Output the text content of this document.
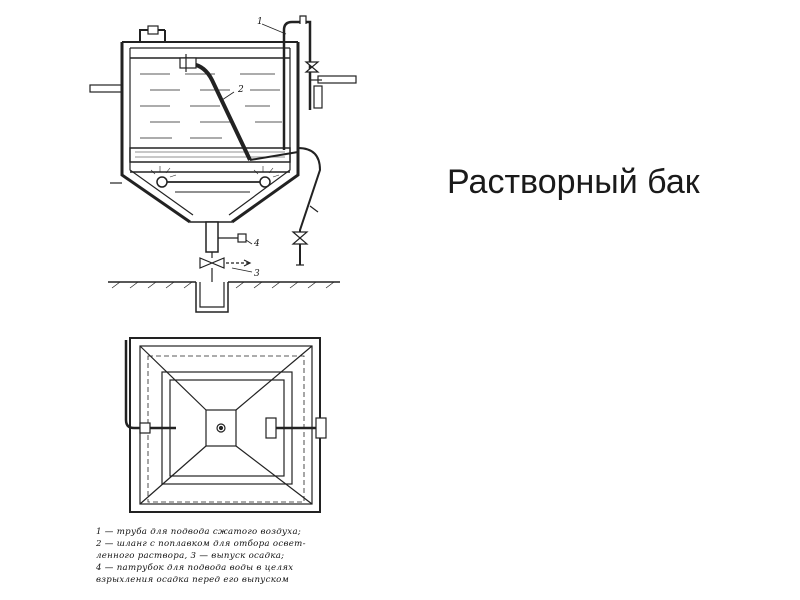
1
2
3
4
Растворный бак
1 — труба для подвода сжатого воздуха;
2 — шланг с поплавком для отбора освет-
ленного раствора, 3 — выпуск осадка;
4 — патрубок для подвода воды в целях
взрыхления осадка перед его выпуском
